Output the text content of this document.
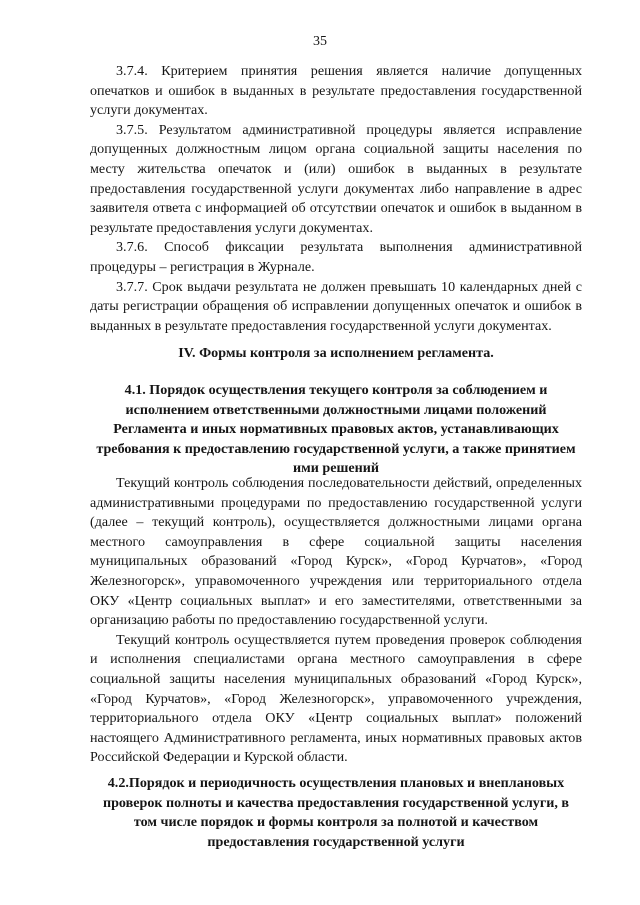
35

3.7.4. Критерием принятия решения является наличие допущенных опечатков и ошибок в выданных в результате предоставления государственной услуги документах.

3.7.5. Результатом административной процедуры является исправление допущенных должностным лицом органа социальной защиты населения по месту жительства опечаток и (или) ошибок в выданных в результате предоставления государственной услуги документах либо направление в адрес заявителя ответа с информацией об отсутствии опечаток и ошибок в выданном в результате предоставления услуги документах.

3.7.6. Способ фиксации результата выполнения административной процедуры – регистрация в Журнале.

3.7.7. Срок выдачи результата не должен превышать 10 календарных дней с даты регистрации обращения об исправлении допущенных опечаток и ошибок в выданных в результате предоставления государственной услуги документах.

IV. Формы контроля за исполнением регламента.
4.1. Порядок осуществления текущего контроля за соблюдением и исполнением ответственными должностными лицами положений Регламента и иных нормативных правовых актов, устанавливающих требования к предоставлению государственной услуги, а также принятием ими решений

Текущий контроль соблюдения последовательности действий, определенных административными процедурами по предоставлению государственной услуги (далее – текущий контроль), осуществляется должностными лицами органа местного самоуправления в сфере социальной защиты населения муниципальных образований «Город Курск», «Город Курчатов», «Город Железногорск», управомоченного учреждения или территориального отдела ОКУ «Центр социальных выплат» и его заместителями, ответственными за организацию работы по предоставлению государственной услуги.

Текущий контроль осуществляется путем проведения проверок соблюдения и исполнения специалистами органа местного самоуправления в сфере социальной защиты населения муниципальных образований «Город Курск», «Город Курчатов», «Город Железногорск», управомоченного учреждения, территориального отдела ОКУ «Центр социальных выплат» положений настоящего Административного регламента, иных нормативных правовых актов Российской Федерации и Курской области.

4.2.Порядок и периодичность осуществления плановых и внеплановых проверок полноты и качества предоставления государственной услуги, в том числе порядок и формы контроля за полнотой и качеством предоставления государственной услуги
